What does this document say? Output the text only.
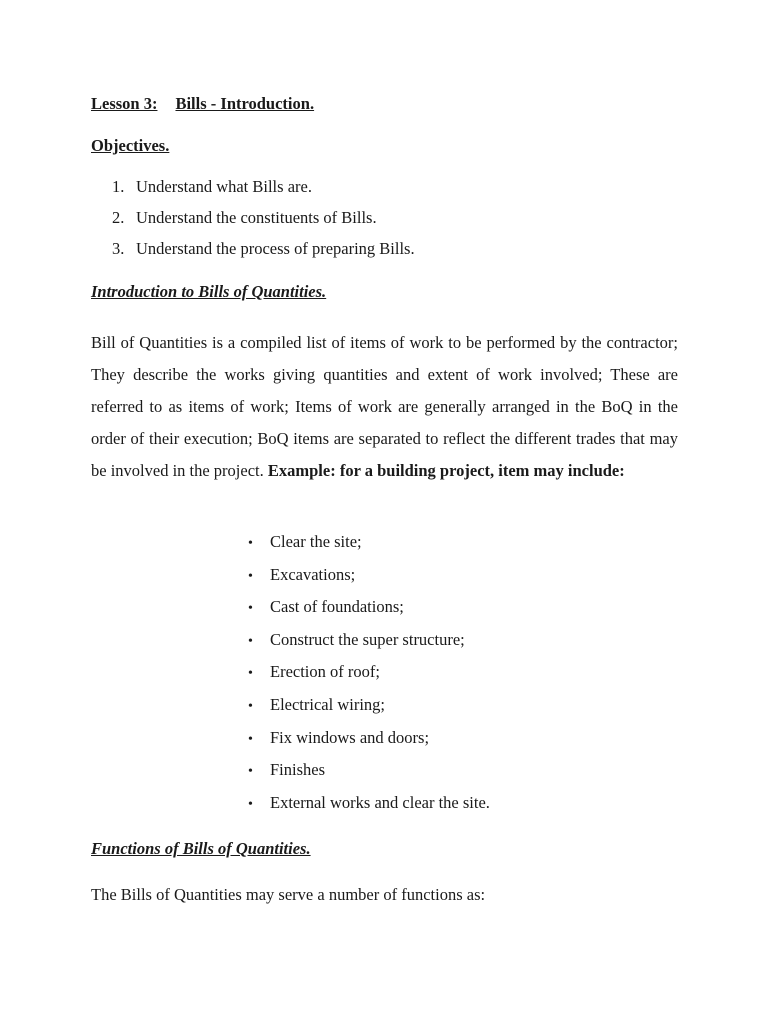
Lesson 3: Bills - Introduction.
Objectives.
1. Understand what Bills are.
2. Understand the constituents of Bills.
3. Understand the process of preparing Bills.
Introduction to Bills of Quantities.

Bill of Quantities is a compiled list of items of work to be performed by the contractor; They describe the works giving quantities and extent of work involved; These are referred to as items of work; Items of work are generally arranged in the BoQ in the order of their execution; BoQ items are separated to reflect the different trades that may be involved in the project. Example: for a building project, item may include:

• Clear the site;
• Excavations;
• Cast of foundations;
• Construct the super structure;
• Erection of roof;
• Electrical wiring;
• Fix windows and doors;
• Finishes
• External works and clear the site.
Functions of Bills of Quantities.
The Bills of Quantities may serve a number of functions as:
